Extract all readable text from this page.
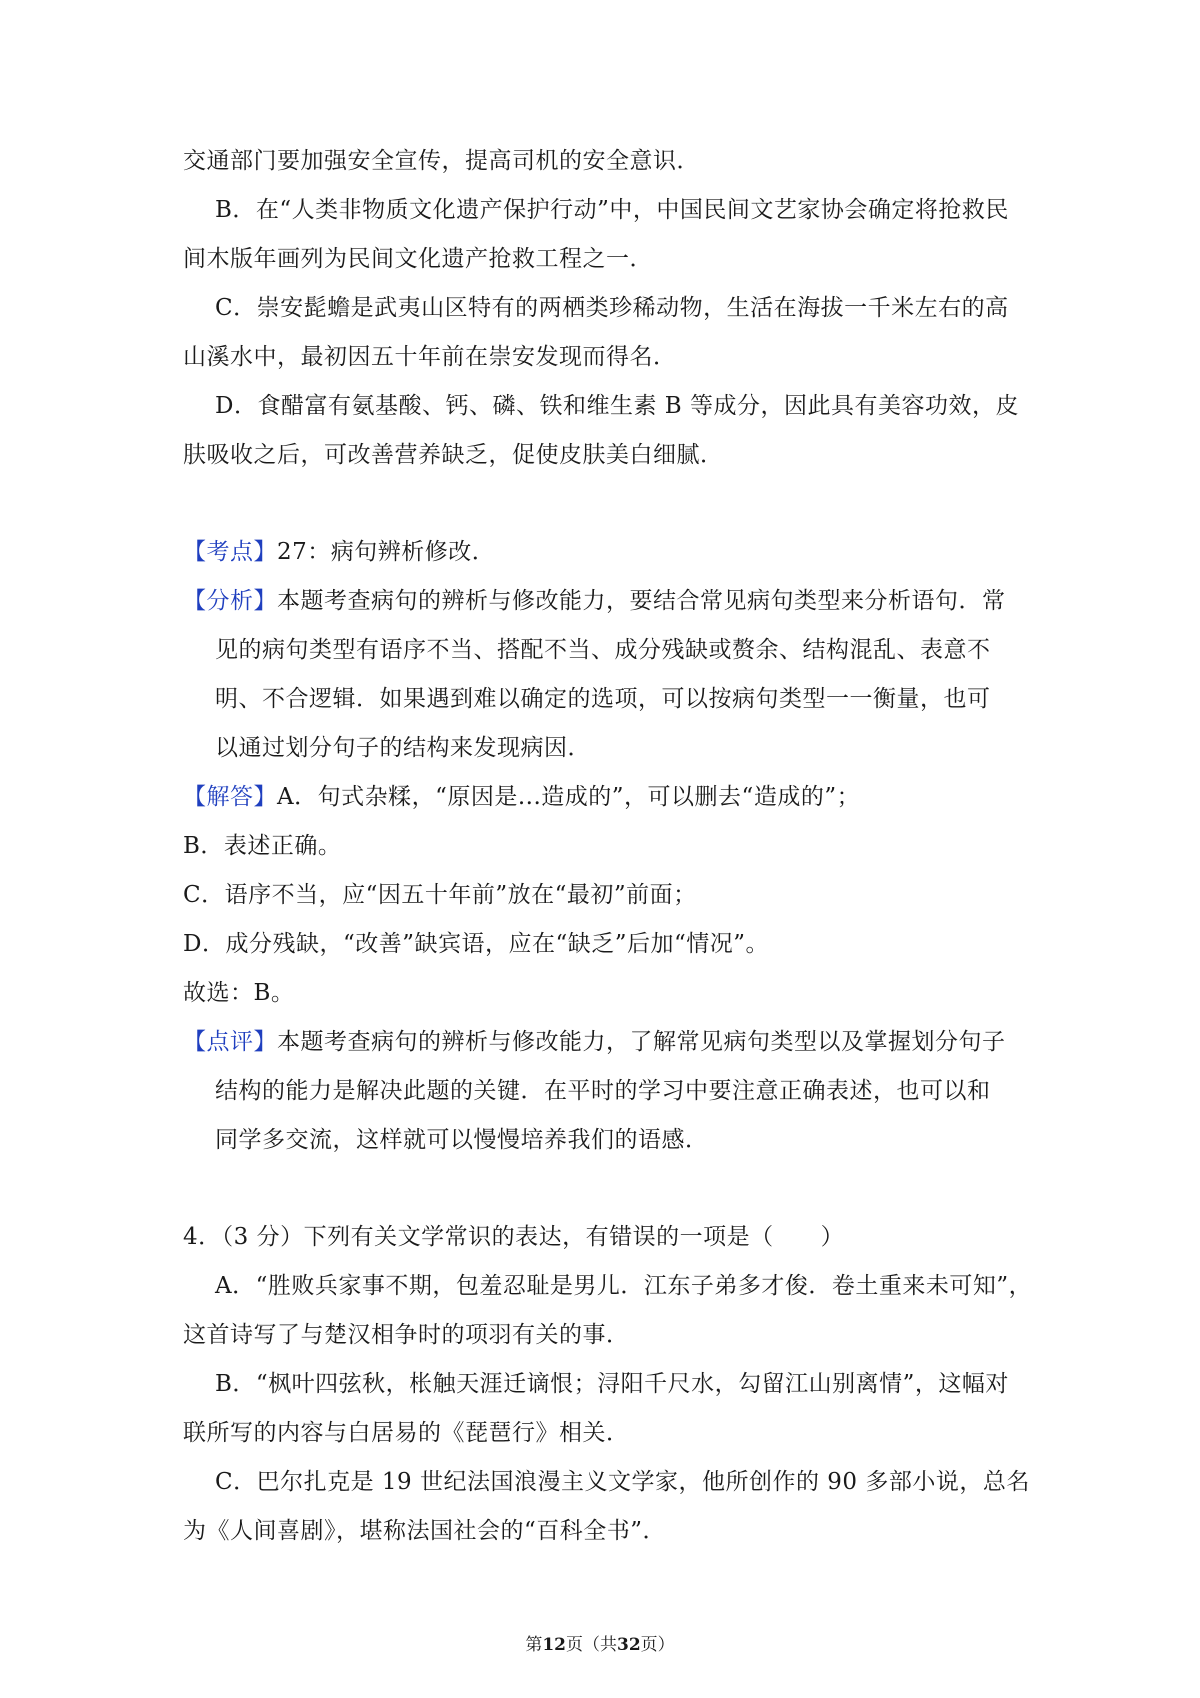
交通部门要加强安全宣传，提高司机的安全意识．
B．在“人类非物质文化遗产保护行动”中，中国民间文艺家协会确定将抢救民
间木版年画列为民间文化遗产抢救工程之一．
C．崇安髭蟾是武夷山区特有的两栖类珍稀动物，生活在海拔一千米左右的高
山溪水中，最初因五十年前在崇安发现而得名．
D．食醋富有氨基酸、钙、磷、铁和维生素 B 等成分，因此具有美容功效，皮
肤吸收之后，可改善营养缺乏，促使皮肤美白细腻．
【考点】27：病句辨析修改．
【分析】本题考查病句的辨析与修改能力，要结合常见病句类型来分析语句．常
见的病句类型有语序不当、搭配不当、成分残缺或赘余、结构混乱、表意不
明、不合逻辑．如果遇到难以确定的选项，可以按病句类型一一衡量，也可
以通过划分句子的结构来发现病因．
【解答】A．句式杂糅，“原因是...造成的”，可以删去“造成的”；
B．表述正确。
C．语序不当，应“因五十年前”放在“最初”前面；
D．成分残缺，“改善”缺宾语，应在“缺乏”后加“情况”。
故选：B。
【点评】本题考查病句的辨析与修改能力，了解常见病句类型以及掌握划分句子
结构的能力是解决此题的关键．在平时的学习中要注意正确表述，也可以和
同学多交流，这样就可以慢慢培养我们的语感．
4．（3 分）下列有关文学常识的表达，有错误的一项是（　　）
A．“胜败兵家事不期，包羞忍耻是男儿．江东子弟多才俊．卷土重来未可知”，
这首诗写了与楚汉相争时的项羽有关的事．
B．“枫叶四弦秋，枨触天涯迁谪恨；浔阳千尺水，勾留江山别离情”，这幅对
联所写的内容与白居易的《琵琶行》相关．
C．巴尔扎克是 19 世纪法国浪漫主义文学家，他所创作的 90 多部小说，总名
为《人间喜剧》，堪称法国社会的“百科全书”．
第12页（共32页）
